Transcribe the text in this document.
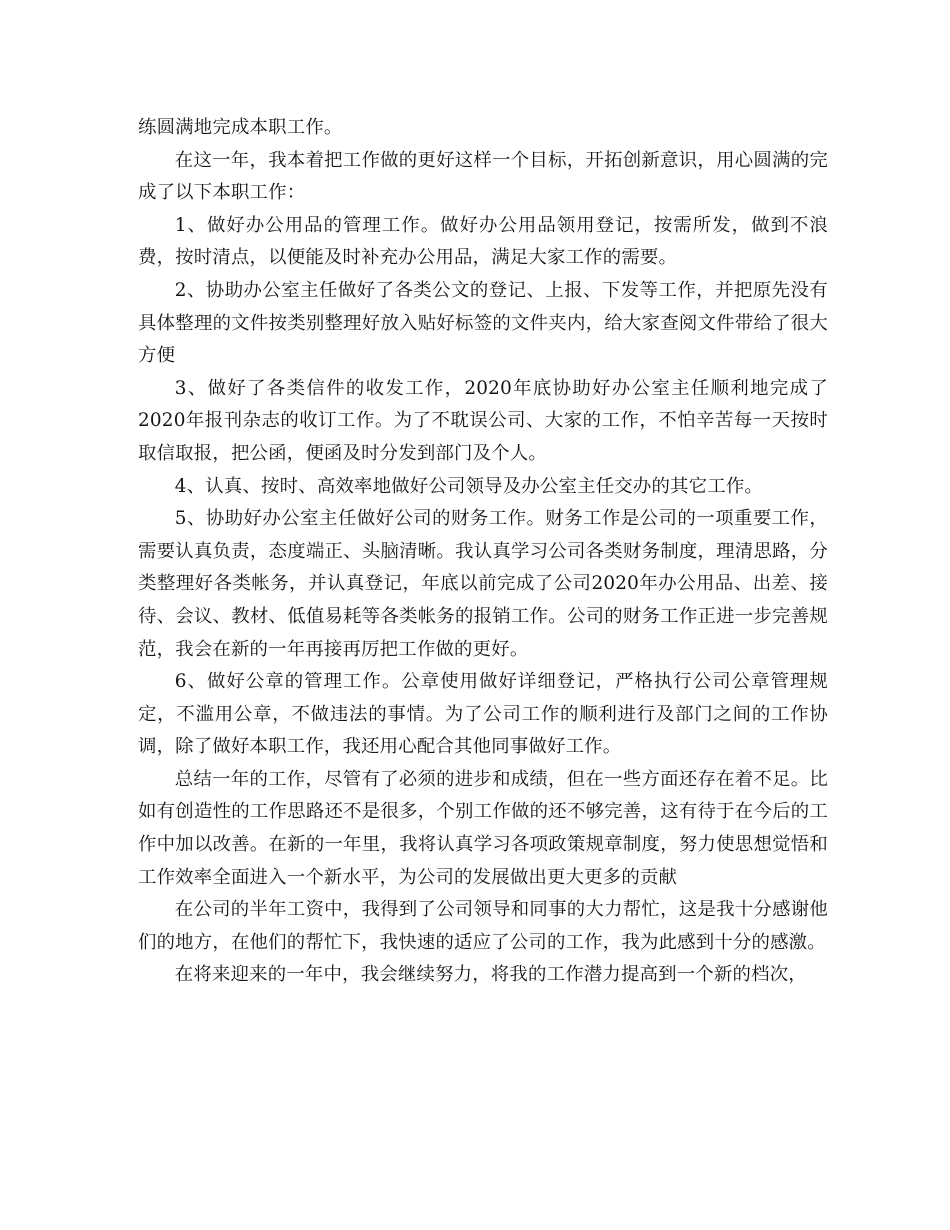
练圆满地完成本职工作。

在这一年，我本着把工作做的更好这样一个目标，开拓创新意识，用心圆满的完成了以下本职工作：

1、做好办公用品的管理工作。做好办公用品领用登记，按需所发，做到不浪费，按时清点，以便能及时补充办公用品，满足大家工作的需要。

2、协助办公室主任做好了各类公文的登记、上报、下发等工作，并把原先没有具体整理的文件按类别整理好放入贴好标签的文件夹内，给大家查阅文件带给了很大方便

3、做好了各类信件的收发工作，2020年底协助好办公室主任顺利地完成了2020年报刊杂志的收订工作。为了不耽误公司、大家的工作，不怕辛苦每一天按时取信取报，把公函，便函及时分发到部门及个人。

4、认真、按时、高效率地做好公司领导及办公室主任交办的其它工作。

5、协助好办公室主任做好公司的财务工作。财务工作是公司的一项重要工作，需要认真负责，态度端正、头脑清晰。我认真学习公司各类财务制度，理清思路，分类整理好各类帐务，并认真登记，年底以前完成了公司2020年办公用品、出差、接待、会议、教材、低值易耗等各类帐务的报销工作。公司的财务工作正进一步完善规范，我会在新的一年再接再厉把工作做的更好。

6、做好公章的管理工作。公章使用做好详细登记，严格执行公司公章管理规定，不滥用公章，不做违法的事情。为了公司工作的顺利进行及部门之间的工作协调，除了做好本职工作，我还用心配合其他同事做好工作。

总结一年的工作，尽管有了必须的进步和成绩，但在一些方面还存在着不足。比如有创造性的工作思路还不是很多，个别工作做的还不够完善，这有待于在今后的工作中加以改善。在新的一年里，我将认真学习各项政策规章制度，努力使思想觉悟和工作效率全面进入一个新水平，为公司的发展做出更大更多的贡献

在公司的半年工资中，我得到了公司领导和同事的大力帮忙，这是我十分感谢他们的地方，在他们的帮忙下，我快速的适应了公司的工作，我为此感到十分的感激。

在将来迎来的一年中，我会继续努力，将我的工作潜力提高到一个新的档次，
